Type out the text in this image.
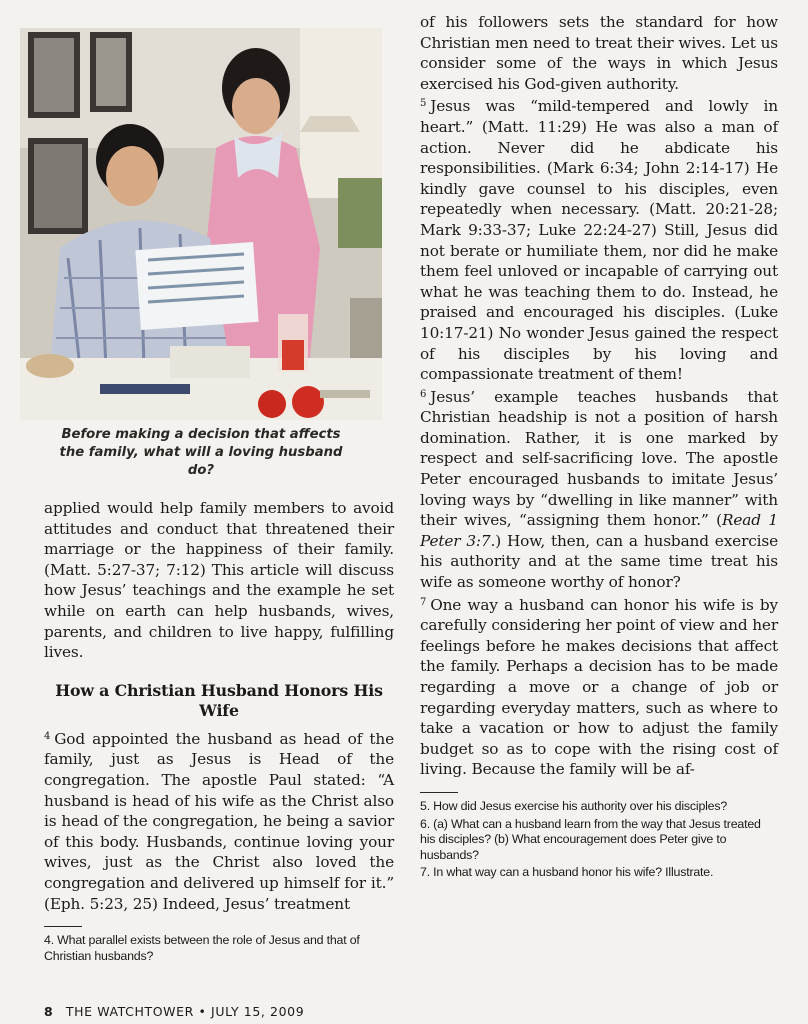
Before making a decision that affects the family, what will a loving husband do?

applied would help family members to avoid attitudes and conduct that threatened their marriage or the happiness of their family. (Matt. 5:27-37; 7:12) This article will discuss how Jesus’ teachings and the example he set while on earth can help husbands, wives, parents, and children to live happy, fulfilling lives.

How a Christian Husband Honors His Wife

$^4$ God appointed the husband as head of the family, just as Jesus is Head of the congregation. The apostle Paul stated: “A husband is head of his wife as the Christ also is head of the congregation, he being a savior of this body. Husbands, continue loving your wives, just as the Christ also loved the congregation and delivered up himself for it.” (Eph. 5:23, 25) Indeed, Jesus’ treatment

4. What parallel exists between the role of Jesus and that of Christian husbands?

of his followers sets the standard for how Christian men need to treat their wives. Let us consider some of the ways in which Jesus exercised his God-given authority.

$^5$ Jesus was “mild-tempered and lowly in heart.” (Matt. 11:29) He was also a man of action. Never did he abdicate his responsibilities. (Mark 6:34; John 2:14-17) He kindly gave counsel to his disciples, even repeatedly when necessary. (Matt. 20:21-28; Mark 9:33-37; Luke 22:24-27) Still, Jesus did not berate or humiliate them, nor did he make them feel unloved or incapable of carrying out what he was teaching them to do. Instead, he praised and encouraged his disciples. (Luke 10:17-21) No wonder Jesus gained the respect of his disciples by his loving and compassionate treatment of them!

$^6$ Jesus’ example teaches husbands that Christian headship is not a position of harsh domination. Rather, it is one marked by respect and self-sacrificing love. The apostle Peter encouraged husbands to imitate Jesus’ loving ways by “dwelling in like manner” with their wives, “assigning them honor.” (Read 1 Peter 3:7.) How, then, can a husband exercise his authority and at the same time treat his wife as someone worthy of honor?

$^7$ One way a husband can honor his wife is by carefully considering her point of view and her feelings before he makes decisions that affect the family. Perhaps a decision has to be made regarding a move or a change of job or regarding everyday matters, such as where to take a vacation or how to adjust the family budget so as to cope with the rising cost of living. Because the family will be af-

5. How did Jesus exercise his authority over his disciples?

6. (a) What can a husband learn from the way that Jesus treated his disciples? (b) What encouragement does Peter give to husbands?

7. In what way can a husband honor his wife? Illustrate.

8 THE WATCHTOWER • JULY 15, 2009
